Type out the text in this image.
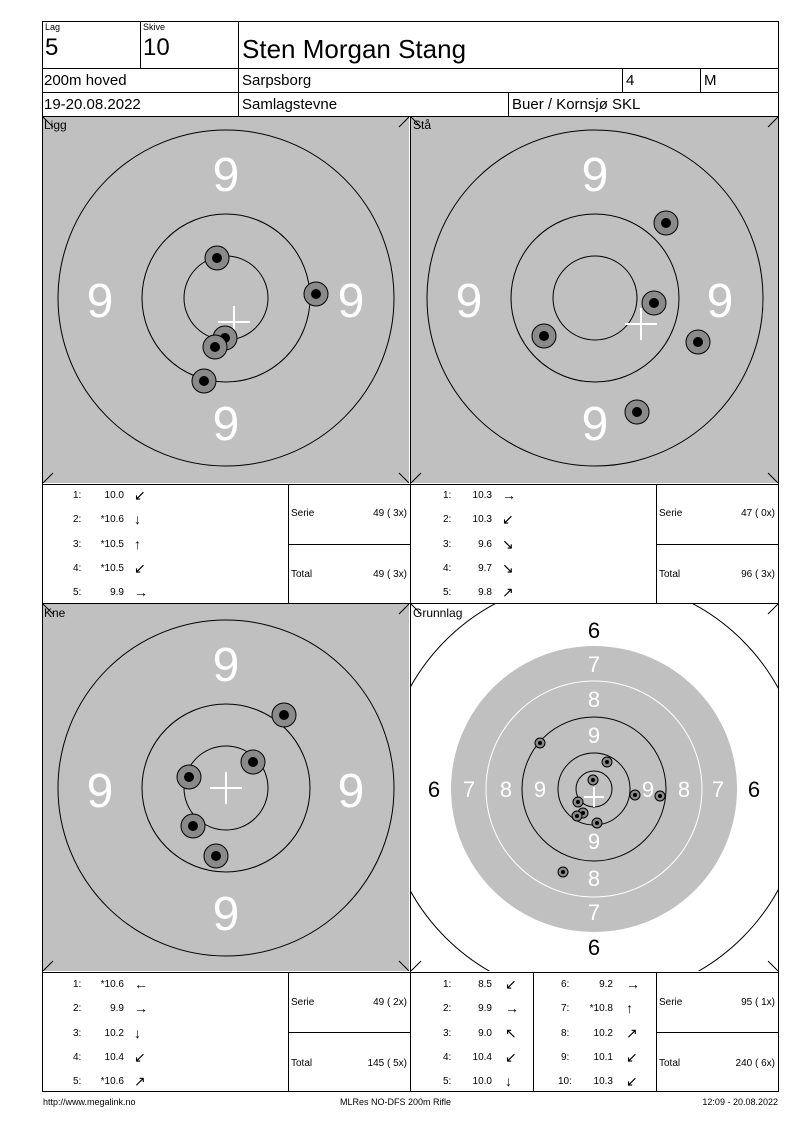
Lag
5
Skive
10	Sten Morgan Stang
200m hoved	Sarpsborg	4	M
19-20.08.2022	Samlagstevne	Buer / Kornsjø SKL
9
9
9	9
Ligg
9
9
9	9
Stå
9
9
9	9
Kne
6
7
8
9
9
8
7
6
6 7 8 9	9 8 7 6
Grunnlag
1:	10.0 ↙
2:	*10.6 ↓
3:	*10.5 ↑
4:	*10.5 ↙
5:	9.9 →
Serie	49 ( 3x)
Total	49 ( 3x)
1:	10.3 →
2:	10.3 ↙
3:	9.6 ↘
4:	9.7 ↘
5:	9.8 ↗
Serie	47 ( 0x)
Total	96 ( 3x)
1:	*10.6 ←
2:	9.9 →
3:	10.2 ↓
4:	10.4 ↙
5:	*10.6 ↗
Serie	49 ( 2x)
Total	145 ( 5x)
1:	8.5 ↙
2:	9.9 →
3:	9.0 ↖
4:	10.4 ↙
5:	10.0 ↓
6:	9.2 →
7:	*10.8 ↑
8:	10.2 ↗
9:	10.1 ↙
10:	10.3 ↙
Serie	95 ( 1x)
Total	240 ( 6x)
http://www.megalink.no	MLRes NO-DFS 200m Rifle	12:09 - 20.08.2022
